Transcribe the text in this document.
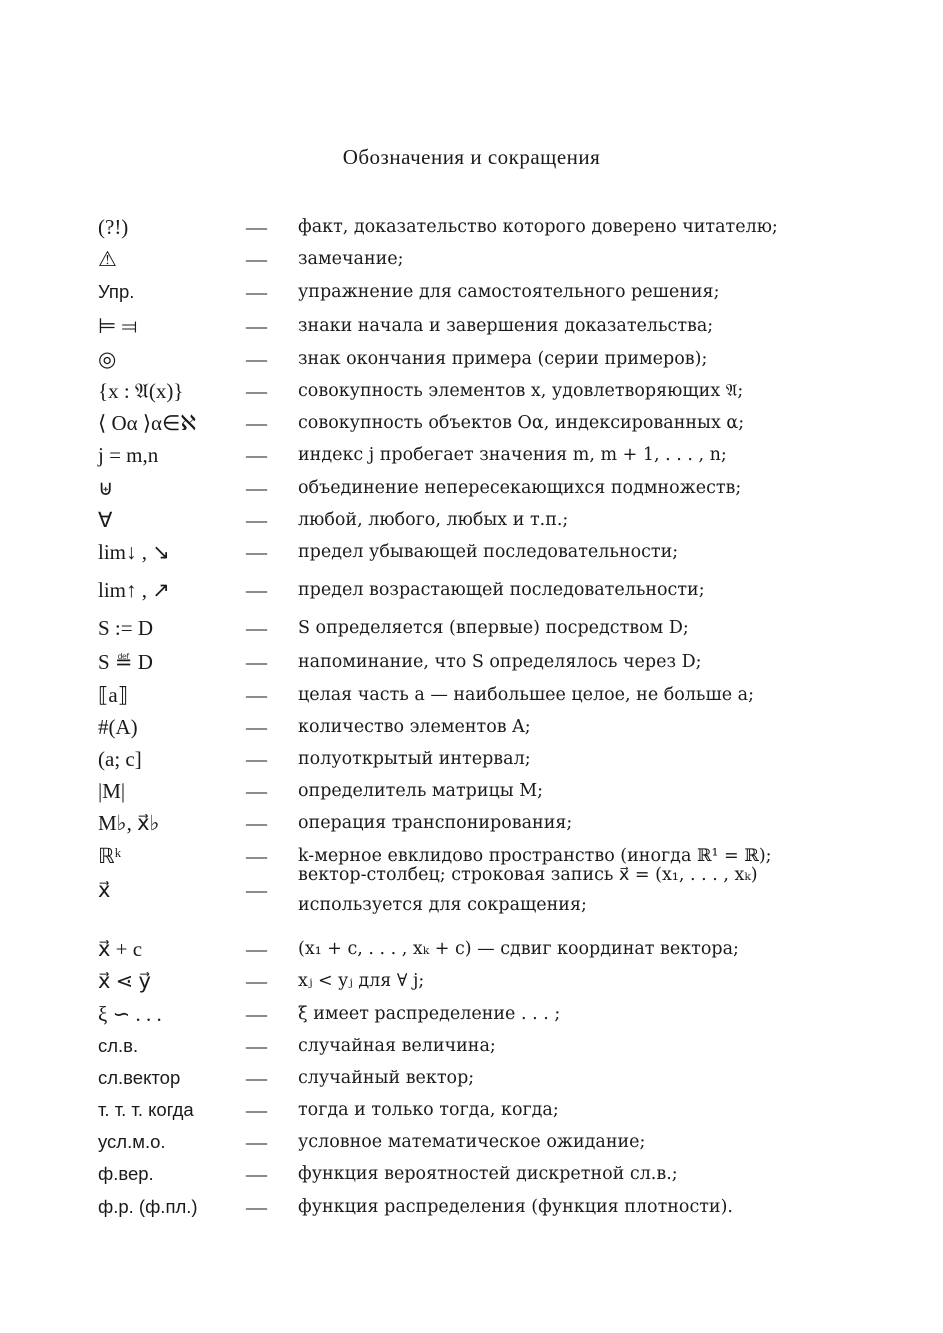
Обозначения и сокращения
(?!)	— факт, доказательство которого доверено читателю;
⚠	— замечание;
Упр.	— упражнение для самостоятельного решения;
⊨ ⫤	— знаки начала и завершения доказательства;
◎	— знак окончания примера (серии примеров);
{x : 𝔄(x)}	— совокупность элементов x, удовлетворяющих 𝔄;
⟨ Oα ⟩α∈ℵ — совокупность объектов Oα, индексированных α;
j = m,n	— индекс j пробегает значения m, m + 1, . . . , n;
⊎	— объединение непересекающихся подмножеств;
∀	— любой, любого, любых и т.п.;
lim↓ , ↘	— предел убывающей последовательности;
lim↑ , ↗	— предел возрастающей последовательности;
S := D	— S определяется (впервые) посредством D;
S ≝ D	— напоминание, что S определялось через D;
⟦a⟧	— целая часть a — наибольшее целое, не больше a;
#(A)	— количество элементов A;
(a; c]	— полуоткрытый интервал;
|M|	— определитель матрицы M;
M♭, x⃗♭	— операция транспонирования;
ℝᵏ	— k-мерное евклидово пространство (иногда ℝ¹ = ℝ);
x⃗	—
вектор-столбец; строковая запись x⃗ = (x₁, . . . , xₖ)
используется для сокращения;
x⃗ + c	— (x₁ + c, . . . , xₖ + c) — сдвиг координат вектора;
x⃗ ⋖ y⃗	— xⱼ < yⱼ для ∀ j;
ξ ∽ . . .	— ξ имеет распределение . . . ;
сл.в.	— случайная величина;
сл.вектор	— случайный вектор;
т. т. т. когда — тогда и только тогда, когда;
усл.м.о.	— условное математическое ожидание;
ф.вер.	— функция вероятностей дискретной сл.в.;
ф.р. (ф.пл.) — функция распределения (функция плотности).
